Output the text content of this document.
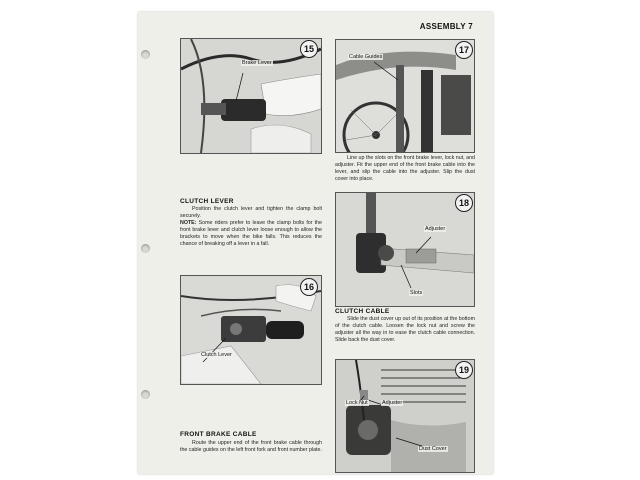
ASSEMBLY 7
15
Brake Lever
CLUTCH LEVER
Position the clutch lever and tighten the clamp bolt securely.
NOTE: Some riders prefer to leave the clamp bolts for the front brake lever and clutch lever loose enough to allow the brackets to move when the bike falls. This reduces the chance of breaking off a lever in a fall.
16
Clutch Lever
FRONT BRAKE CABLE
Route the upper end of the front brake cable through the cable guides on the left front fork and front number plate.
17
Cable Guides
Line up the slots on the front brake lever, lock nut, and adjuster. Fit the upper end of the front brake cable into the lever, and slip the cable into the adjuster. Slip the dust cover into place.
18
Adjuster
Slots
CLUTCH CABLE
Slide the dust cover up out of its position at the bottom of the clutch cable. Loosen the lock nut and screw the adjuster all the way in to ease the clutch cable connection. Slide back the dust cover.
19
Lock Nut	Adjuster
Dust Cover
